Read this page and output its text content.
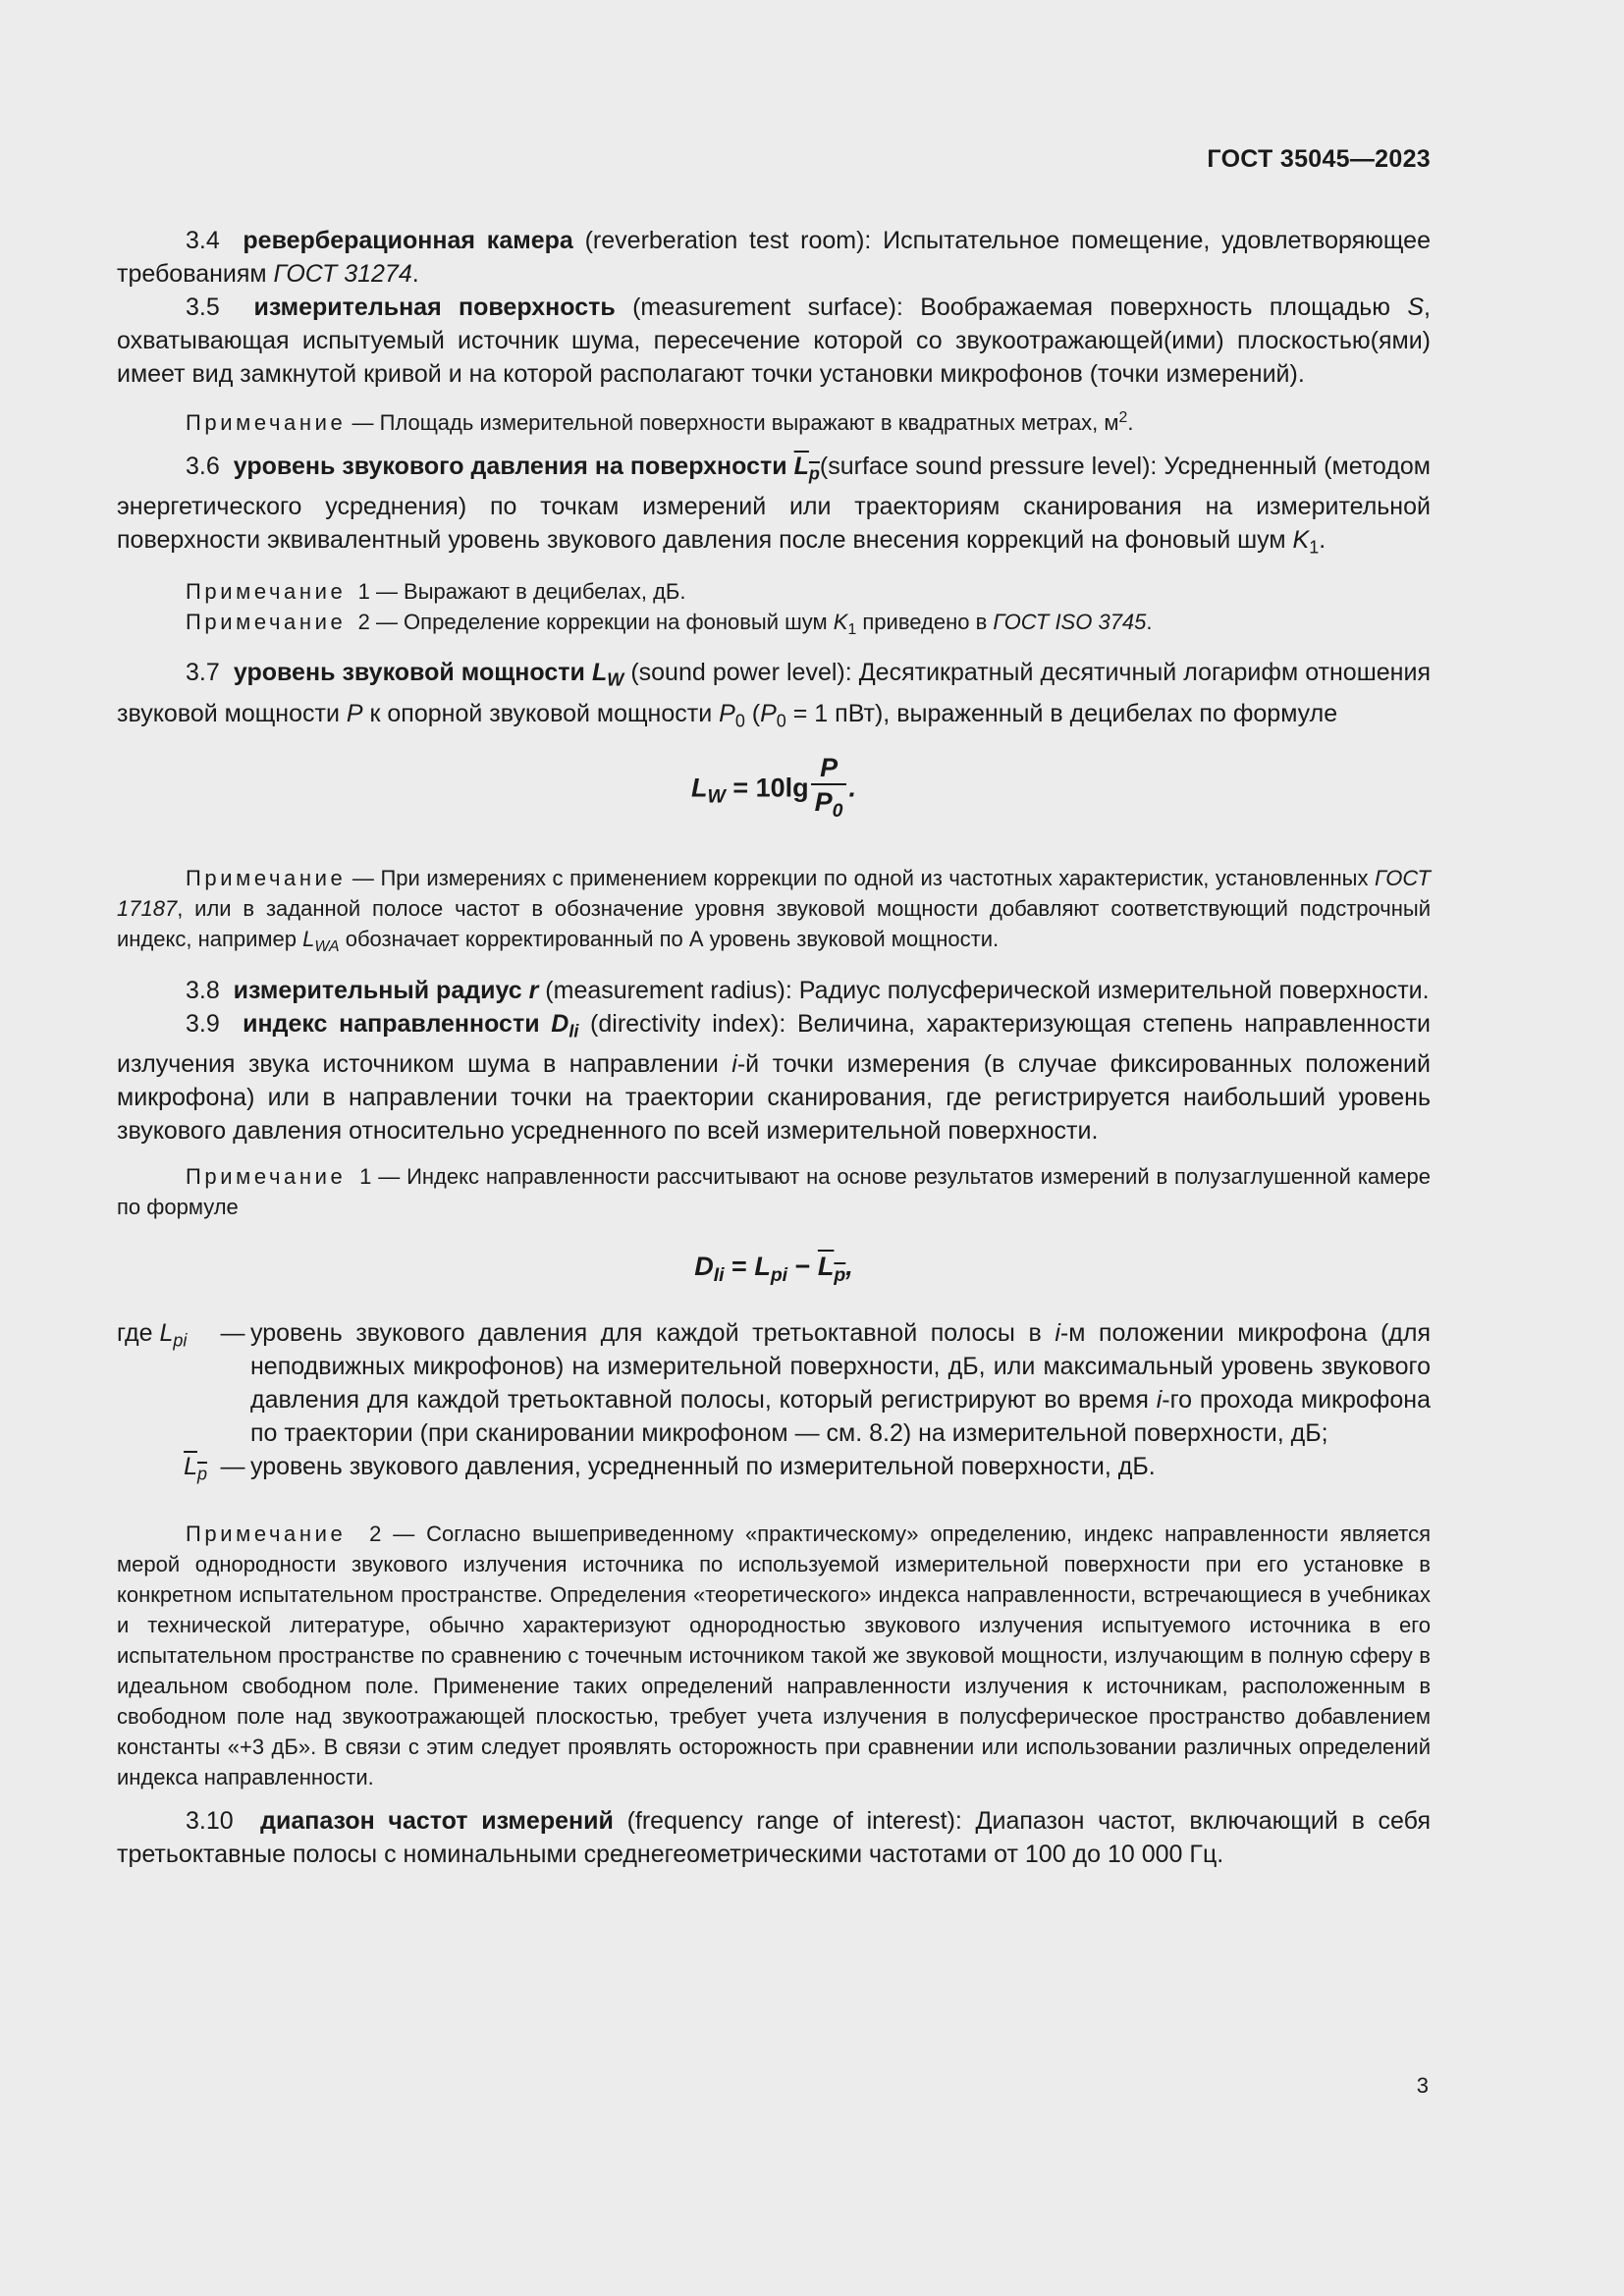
ГОСТ 35045—2023

3.4 реверберационная камера (reverberation test room): Испытательное помещение, удовлетворяющее требованиям ГОСТ 31274.

3.5 измерительная поверхность (measurement surface): Воображаемая поверхность площадью S, охватывающая испытуемый источник шума, пересечение которой со звукоотражающей(ими) плоскостью(ями) имеет вид замкнутой кривой и на которой располагают точки установки микрофонов (точки измерений).

Примечание — Площадь измерительной поверхности выражают в квадратных метрах, $м^2$.

3.6 уровень звукового давления на поверхности $L_p(surface$ sound pressure level): Усредненный (методом энергетического усреднения) по точкам измерений или траекториям сканирования на измерительной поверхности эквивалентный уровень звукового давления после внесения коррекций на фоновый шум $K_1$.

Примечание 1 — Выражают в децибелах, дБ.

Примечание 2 — Определение коррекции на фоновый шум $K_1$ приведено в ГОСТ ISO 3745.

3.7 уровень звуковой мощности $L_W$ (sound power level): Десятикратный десятичный логарифм отношения звуковой мощности P к опорной звуковой мощности $P_0$ ($P_0 = 1$ пВт), выраженный в децибелах по формуле

$L_W = 10\lg \frac{P}{P_0}$ .

Примечание — При измерениях с применением коррекции по одной из частотных характеристик, установленных ГОСТ 17187, или в заданной полосе частот в обозначение уровня звуковой мощности добавляют соответствующий подстрочный индекс, например $L_{WA}$ обозначает корректированный по А уровень звуковой мощности.

3.8 измерительный радиус r (measurement radius): Радиус полусферической измерительной поверхности.

3.9 индекс направленности $D_{Ii}$ (directivity index): Величина, характеризующая степень направленности излучения звука источником шума в направлении i-й точки измерения (в случае фиксированных положений микрофона) или в направлении точки на траектории сканирования, где регистрируется наибольший уровень звукового давления относительно усредненного по всей измерительной поверхности.

Примечание 1 — Индекс направленности рассчитывают на основе результатов измерений в полузаглушенной камере по формуле

$D_{Ii} = L_{pi} - L_p$,
где $L_{pi}$	— уровень звукового давления для каждой третьоктавной полосы в i-м положении микрофона (для неподвижных микрофонов) на измерительной поверхности, дБ, или максимальный уровень звукового давления для каждой третьоктавной полосы, который регистрируют во время i-го прохода микрофона по траектории (при сканировании микрофоном — см. 8.2) на измерительной поверхности, дБ;
$L_p$ — уровень звукового давления, усредненный по измерительной поверхности, дБ.

Примечание 2 — Согласно вышеприведенному «практическому» определению, индекс направленности является мерой однородности звукового излучения источника по используемой измерительной поверхности при его установке в конкретном испытательном пространстве. Определения «теоретического» индекса направленности, встречающиеся в учебниках и технической литературе, обычно характеризуют однородностью звукового излучения испытуемого источника в его испытательном пространстве по сравнению с точечным источником такой же звуковой мощности, излучающим в полную сферу в идеальном свободном поле. Применение таких определений направленности излучения к источникам, расположенным в свободном поле над звукоотражающей плоскостью, требует учета излучения в полусферическое пространство добавлением константы «+3 дБ». В связи с этим следует проявлять осторожность при сравнении или использовании различных определений индекса направленности.

3.10 диапазон частот измерений (frequency range of interest): Диапазон частот, включающий в себя третьоктавные полосы с номинальными среднегеометрическими частотами от 100 до 10 000 Гц.

3
